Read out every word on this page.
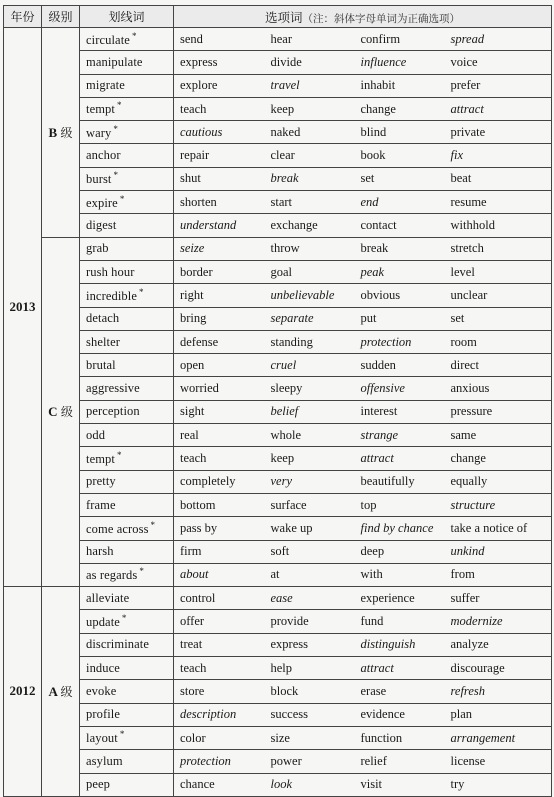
年份	级别	划线词	选项词（注：斜体字母单词为正确选项）			
2013	B 级	circulate *	send	hear	confirm	spread
		manipulate	express	divide	influence	voice
		migrate	explore	travel	inhabit	prefer
		tempt *	teach	keep	change	attract
		wary *	cautious	naked	blind	private
		anchor	repair	clear	book	fix
		burst *	shut	break	set	beat
		expire *	shorten	start	end	resume
		digest	understand	exchange	contact	withhold
	C 级	grab	seize	throw	break	stretch
		rush hour	border	goal	peak	level
		incredible *	right	unbelievable	obvious	unclear
		detach	bring	separate	put	set
		shelter	defense	standing	protection	room
		brutal	open	cruel	sudden	direct
		aggressive	worried	sleepy	offensive	anxious
		perception	sight	belief	interest	pressure
		odd	real	whole	strange	same
		tempt *	teach	keep	attract	change
		pretty	completely	very	beautifully	equally
		frame	bottom	surface	top	structure
		come across *	pass by	wake up	find by chance	take a notice of
		harsh	firm	soft	deep	unkind
		as regards *	about	at	with	from
2012	A 级	alleviate	control	ease	experience	suffer
		update *	offer	provide	fund	modernize
		discriminate	treat	express	distinguish	analyze
		induce	teach	help	attract	discourage
		evoke	store	block	erase	refresh
		profile	description	success	evidence	plan
		layout *	color	size	function	arrangement
		asylum	protection	power	relief	license
		peep	chance	look	visit	try
